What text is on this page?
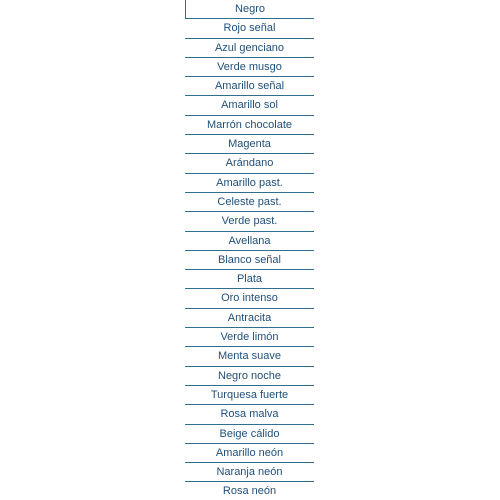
Negro
Rojo señal
Azul genciano
Verde musgo
Amarillo señal
Amarillo sol
Marrón chocolate
Magenta
Arándano
Amarillo past.
Celeste past.
Verde past.
Avellana
Blanco señal
Plata
Oro intenso
Antracita
Verde limón
Menta suave
Negro noche
Turquesa fuerte
Rosa malva
Beige cálido
Amarillo neón
Naranja neón
Rosa neón
